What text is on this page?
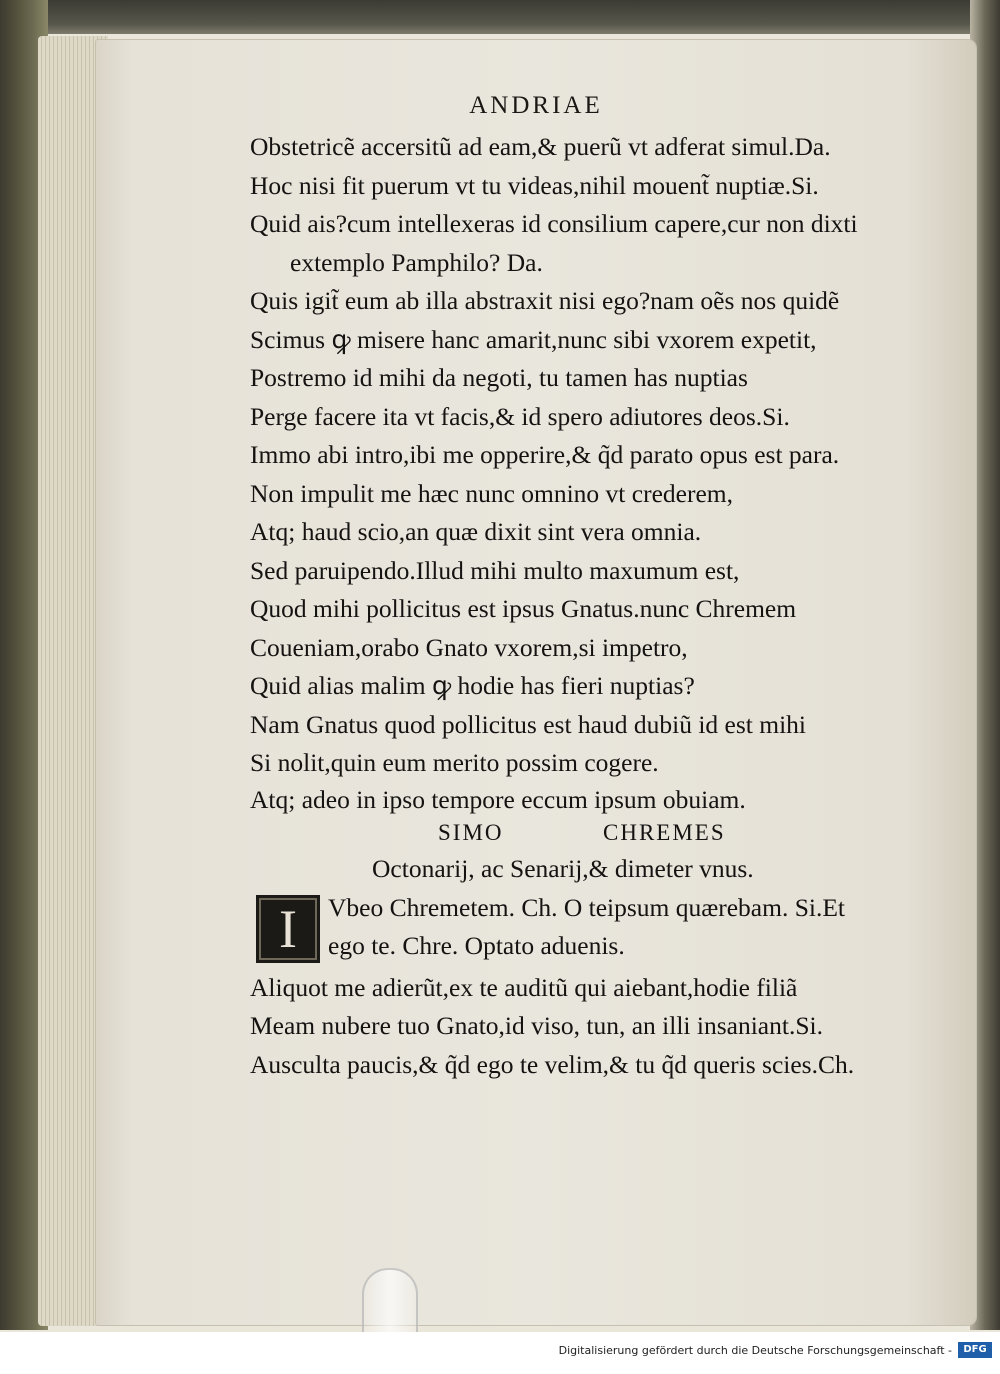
ANDRIAE
Obstetricẽ accersitũ ad eam,& puerũ vt adferat simul.Da.
Hoc nisi fit puerum vt tu videas,nihil mouent̃ nuptiæ.Si.
Quid ais?cum intellexeras id consilium capere,cur non dixti
extemplo Pamphilo? Da.
Quis igit̃ eum ab illa abstraxit nisi ego?nam oẽs nos quidẽ
Scimus ꝙ misere hanc amarit,nunc sibi vxorem expetit,
Postremo id mihi da negoti, tu tamen has nuptias
Perge facere ita vt facis,& id spero adiutores deos.Si.
Immo abi intro,ibi me opperire,& q̃d parato opus est para.
Non impulit me hæc nunc omnino vt crederem,
Atq; haud scio,an quæ dixit sint vera omnia.
Sed paruipendo.Illud mihi multo maxumum est,
Quod mihi pollicitus est ipsus Gnatus.nunc Chremem
Coueniam,orabo Gnato vxorem,si impetro,
Quid alias malim ꝙ hodie has fieri nuptias?
Nam Gnatus quod pollicitus est haud dubiũ id est mihi
Si nolit,quin eum merito possim cogere.
Atq; adeo in ipso tempore eccum ipsum obuiam.
SIMO	CHREMES
Octonarij, ac Senarij,& dimeter vnus.
I	Vbeo Chremetem. Ch. O teipsum quærebam. Si.Et
ego te. Chre. Optato aduenis.
Aliquot me adierũt,ex te auditũ qui aiebant,hodie filiã
Meam nubere tuo Gnato,id viso, tun, an illi insaniant.Si.
Ausculta paucis,& q̃d ego te velim,& tu q̃d queris scies.Ch.
Digitalisierung gefördert durch die Deutsche Forschungsgemeinschaft -	DFG
